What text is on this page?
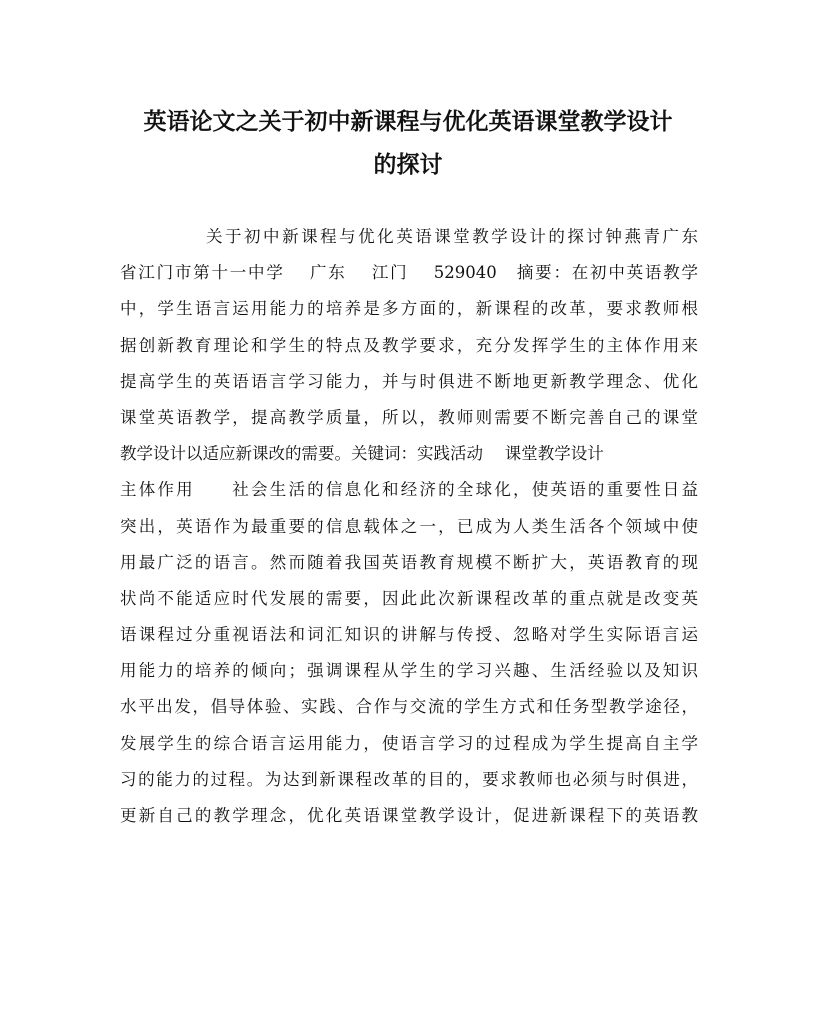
英语论文之关于初中新课程与优化英语课堂教学设计
的探讨
关于初中新课程与优化英语课堂教学设计的探讨钟燕青广东
省江门市第十一中学　 广东　 江门　 529040　摘要：在初中英语教学
中，学生语言运用能力的培养是多方面的，新课程的改革，要求教师根
据创新教育理论和学生的特点及教学要求，充分发挥学生的主体作用来
提高学生的英语语言学习能力，并与时俱进不断地更新教学理念、优化
课堂英语教学，提高教学质量，所以，教师则需要不断完善自己的课堂
教学设计以适应新课改的需要。关键词：实践活动　 课堂教学设计
主体作用　　社会生活的信息化和经济的全球化，使英语的重要性日益
突出，英语作为最重要的信息载体之一，已成为人类生活各个领域中使
用最广泛的语言。然而随着我国英语教育规模不断扩大，英语教育的现
状尚不能适应时代发展的需要，因此此次新课程改革的重点就是改变英
语课程过分重视语法和词汇知识的讲解与传授、忽略对学生实际语言运
用能力的培养的倾向；强调课程从学生的学习兴趣、生活经验以及知识
水平出发，倡导体验、实践、合作与交流的学生方式和任务型教学途径，
发展学生的综合语言运用能力，使语言学习的过程成为学生提高自主学
习的能力的过程。为达到新课程改革的目的，要求教师也必须与时俱进，
更新自己的教学理念，优化英语课堂教学设计，促进新课程下的英语教
